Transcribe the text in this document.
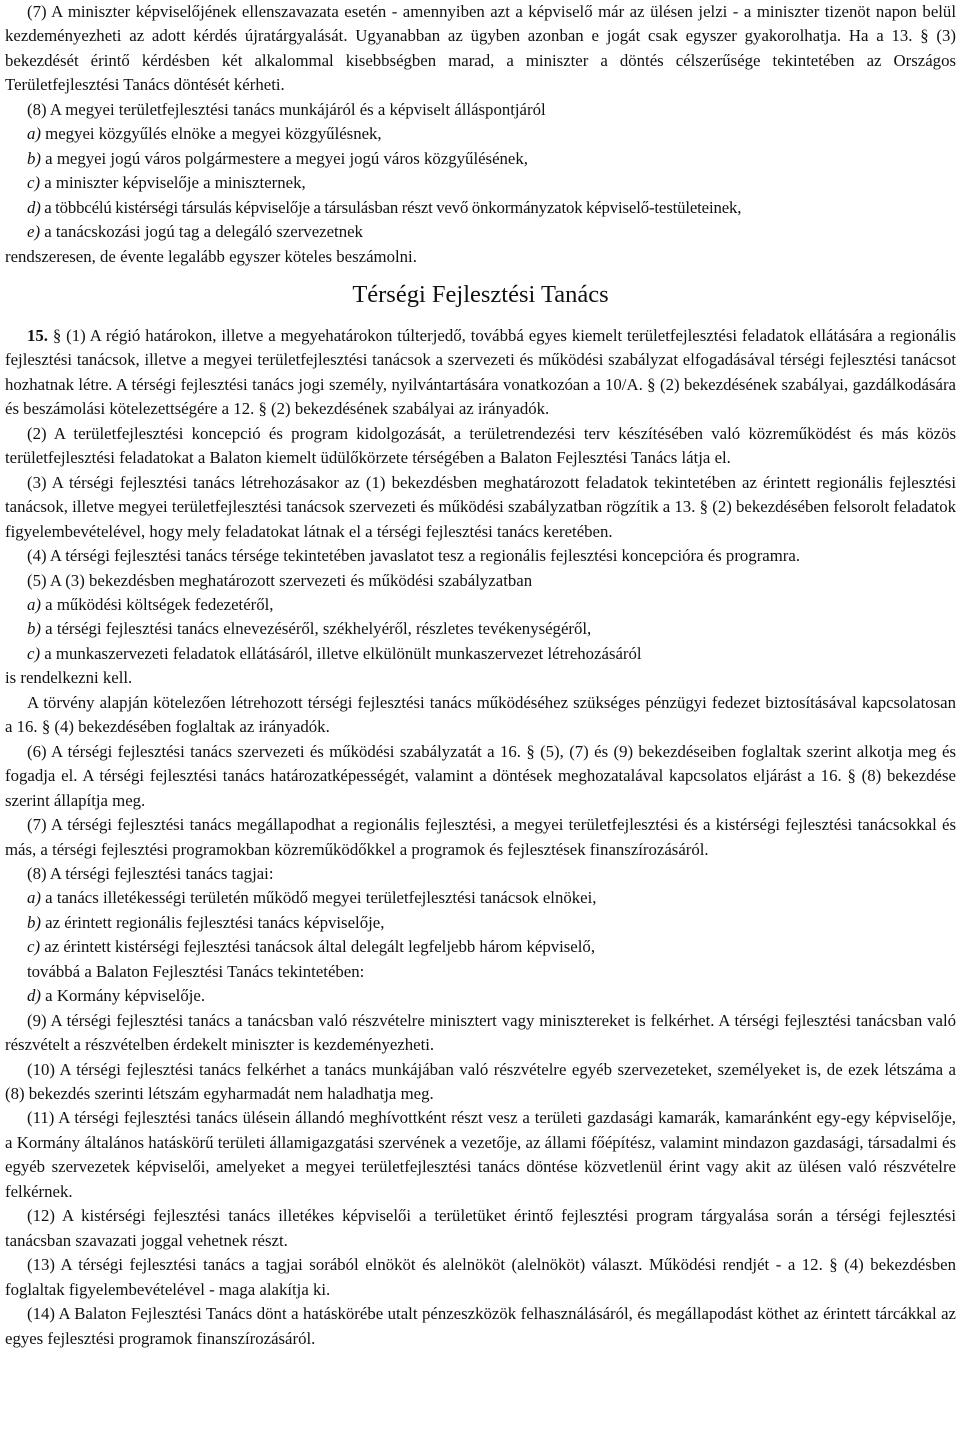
(7) A miniszter képviselőjének ellenszavazata esetén - amennyiben azt a képviselő már az ülésen jelzi - a miniszter tizenöt napon belül kezdeményezheti az adott kérdés újratárgyalását. Ugyanabban az ügyben azonban e jogát csak egyszer gyakorolhatja. Ha a 13. § (3) bekezdését érintő kérdésben két alkalommal kisebbségben marad, a miniszter a döntés célszerűsége tekintetében az Országos Területfejlesztési Tanács döntését kérheti.

(8) A megyei területfejlesztési tanács munkájáról és a képviselt álláspontjáról

a) megyei közgyűlés elnöke a megyei közgyűlésnek,

b) a megyei jogú város polgármestere a megyei jogú város közgyűlésének,

c) a miniszter képviselője a miniszternek,

d) a többcélú kistérségi társulás képviselője a társulásban részt vevő önkormányzatok képviselő-testületeinek,

e) a tanácskozási jogú tag a delegáló szervezetnek

rendszeresen, de évente legalább egyszer köteles beszámolni.

Térségi Fejlesztési Tanács

15. § (1) A régió határokon, illetve a megyehatárokon túlterjedő, továbbá egyes kiemelt területfejlesztési feladatok ellátására a regionális fejlesztési tanácsok, illetve a megyei területfejlesztési tanácsok a szervezeti és működési szabályzat elfogadásával térségi fejlesztési tanácsot hozhatnak létre. A térségi fejlesztési tanács jogi személy, nyilvántartására vonatkozóan a 10/A. § (2) bekezdésének szabályai, gazdálkodására és beszámolási kötelezettségére a 12. § (2) bekezdésének szabályai az irányadók.

(2) A területfejlesztési koncepció és program kidolgozását, a területrendezési terv készítésében való közreműködést és más közös területfejlesztési feladatokat a Balaton kiemelt üdülőkörzete térségében a Balaton Fejlesztési Tanács látja el.

(3) A térségi fejlesztési tanács létrehozásakor az (1) bekezdésben meghatározott feladatok tekintetében az érintett regionális fejlesztési tanácsok, illetve megyei területfejlesztési tanácsok szervezeti és működési szabályzatban rögzítik a 13. § (2) bekezdésében felsorolt feladatok figyelembevételével, hogy mely feladatokat látnak el a térségi fejlesztési tanács keretében.

(4) A térségi fejlesztési tanács térsége tekintetében javaslatot tesz a regionális fejlesztési koncepcióra és programra.

(5) A (3) bekezdésben meghatározott szervezeti és működési szabályzatban

a) a működési költségek fedezetéről,

b) a térségi fejlesztési tanács elnevezéséről, székhelyéről, részletes tevékenységéről,

c) a munkaszervezeti feladatok ellátásáról, illetve elkülönült munkaszervezet létrehozásáról

is rendelkezni kell.

A törvény alapján kötelezően létrehozott térségi fejlesztési tanács működéséhez szükséges pénzügyi fedezet biztosításával kapcsolatosan a 16. § (4) bekezdésében foglaltak az irányadók.

(6) A térségi fejlesztési tanács szervezeti és működési szabályzatát a 16. § (5), (7) és (9) bekezdéseiben foglaltak szerint alkotja meg és fogadja el. A térségi fejlesztési tanács határozatképességét, valamint a döntések meghozatalával kapcsolatos eljárást a 16. § (8) bekezdése szerint állapítja meg.

(7) A térségi fejlesztési tanács megállapodhat a regionális fejlesztési, a megyei területfejlesztési és a kistérségi fejlesztési tanácsokkal és más, a térségi fejlesztési programokban közreműködőkkel a programok és fejlesztések finanszírozásáról.

(8) A térségi fejlesztési tanács tagjai:

a) a tanács illetékességi területén működő megyei területfejlesztési tanácsok elnökei,

b) az érintett regionális fejlesztési tanács képviselője,

c) az érintett kistérségi fejlesztési tanácsok által delegált legfeljebb három képviselő,

továbbá a Balaton Fejlesztési Tanács tekintetében:

d) a Kormány képviselője.

(9) A térségi fejlesztési tanács a tanácsban való részvételre minisztert vagy minisztereket is felkérhet. A térségi fejlesztési tanácsban való részvételt a részvételben érdekelt miniszter is kezdeményezheti.

(10) A térségi fejlesztési tanács felkérhet a tanács munkájában való részvételre egyéb szervezeteket, személyeket is, de ezek létszáma a (8) bekezdés szerinti létszám egyharmadát nem haladhatja meg.

(11) A térségi fejlesztési tanács ülésein állandó meghívottként részt vesz a területi gazdasági kamarák, kamaránként egy-egy képviselője, a Kormány általános hatáskörű területi államigazgatási szervének a vezetője, az állami főépítész, valamint mindazon gazdasági, társadalmi és egyéb szervezetek képviselői, amelyeket a megyei területfejlesztési tanács döntése közvetlenül érint vagy akit az ülésen való részvételre felkérnek.

(12) A kistérségi fejlesztési tanács illetékes képviselői a területüket érintő fejlesztési program tárgyalása során a térségi fejlesztési tanácsban szavazati joggal vehetnek részt.

(13) A térségi fejlesztési tanács a tagjai sorából elnököt és alelnököt (alelnököt) választ. Működési rendjét - a 12. § (4) bekezdésben foglaltak figyelembevételével - maga alakítja ki.

(14) A Balaton Fejlesztési Tanács dönt a hatáskörébe utalt pénzeszközök felhasználásáról, és megállapodást köthet az érintett tárcákkal az egyes fejlesztési programok finanszírozásáról.
